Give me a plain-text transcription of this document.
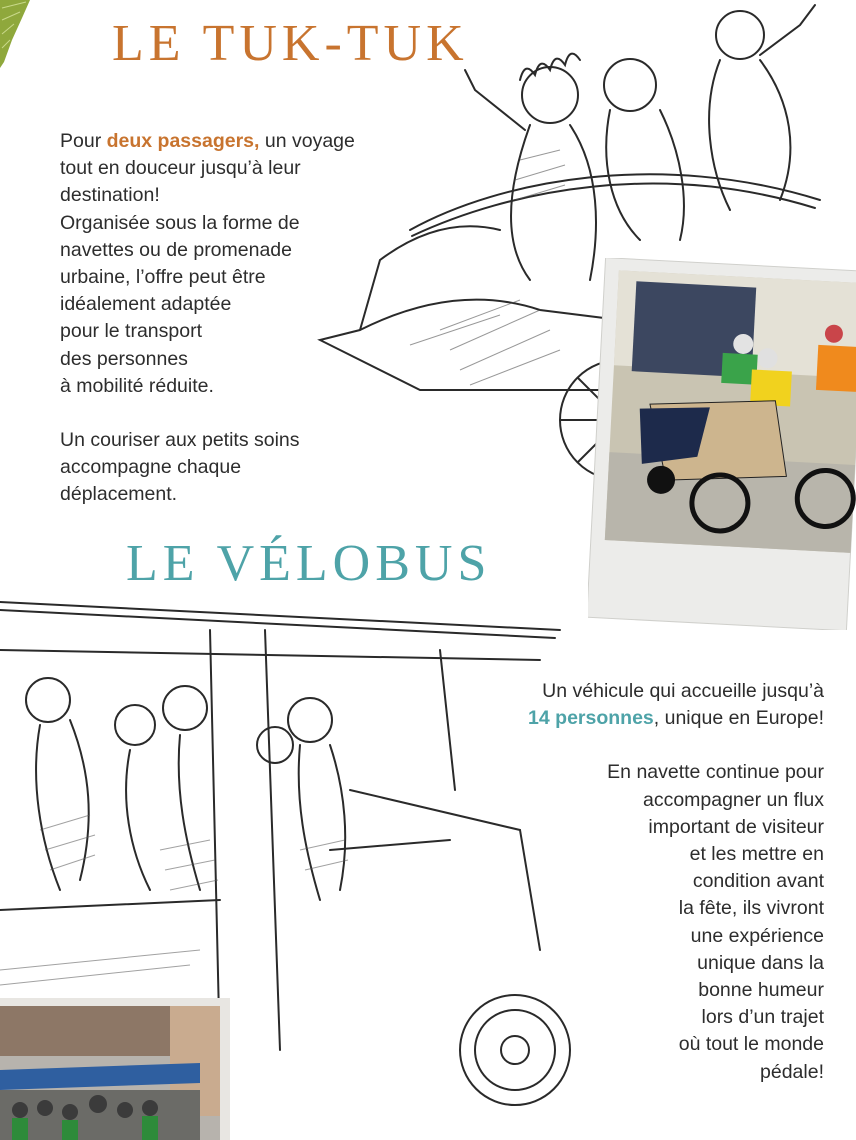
LE TUK-TUK

Pour deux passagers, un voyage
tout en douceur jusqu’à leur
destination!
Organisée sous la forme de
navettes ou de promenade
urbaine, l’offre peut être
idéalement adaptée
pour le transport
des personnes
à mobilité réduite.

Un couriser aux petits soins
accompagne chaque
déplacement.

LE VÉLOBUS

Un véhicule qui accueille jusqu’à
14 personnes, unique en Europe!

En navette continue pour
accompagner un flux
important de visiteur
et les mettre en
condition avant
la fête, ils vivront
une expérience
unique dans la
bonne humeur
lors d’un trajet
où tout le monde
pédale!
